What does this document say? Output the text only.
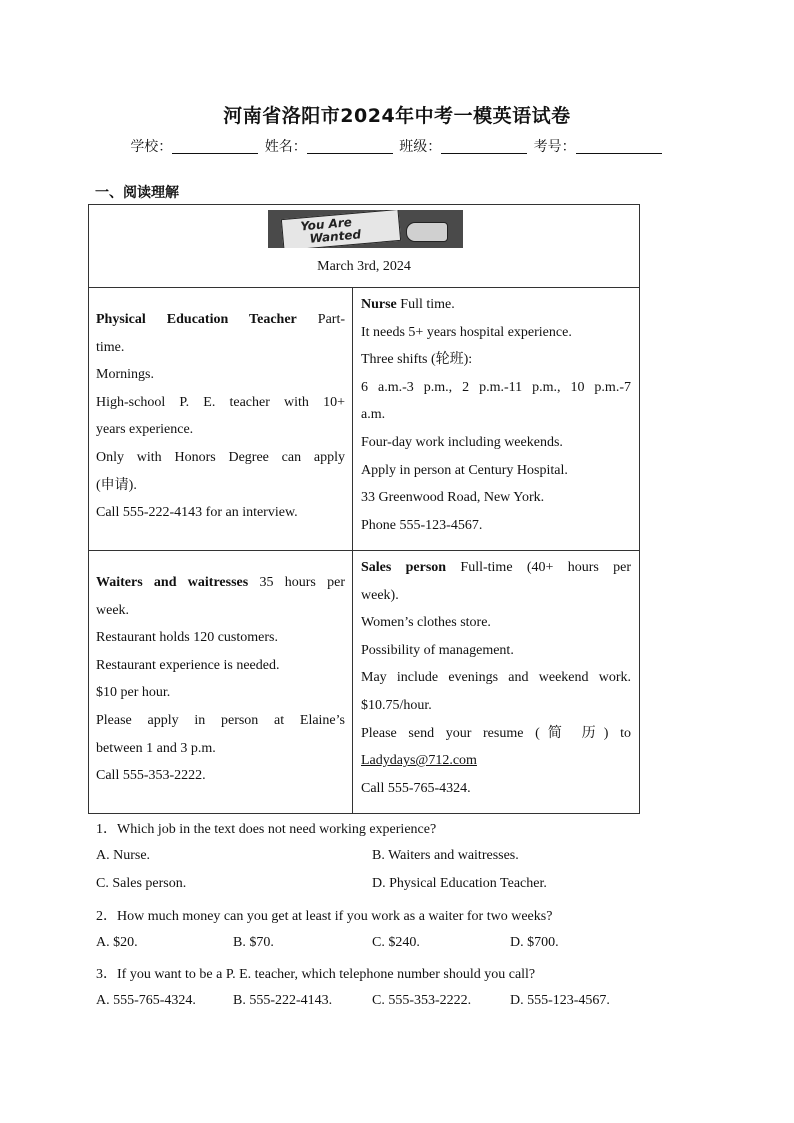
河南省洛阳市2024年中考一模英语试卷
学校：	姓名：	班级：	考号：
一、阅读理解
You Are
Wanted
March 3rd, 2024

Physical Education Teacher Part-

time.

Mornings.

High-school P. E. teacher with 10+

years experience.

Only with Honors Degree can apply

(申请).

Call 555-222-4143 for an interview.

Nurse Full time.

It needs 5+ years hospital experience.

Three shifts (轮班):

6 a.m.-3 p.m., 2 p.m.-11 p.m., 10 p.m.-7

a.m.

Four-day work including weekends.

Apply in person at Century Hospital.

33 Greenwood Road, New York.

Phone 555-123-4567.

Waiters and waitresses 35 hours per

week.

Restaurant holds 120 customers.

Restaurant experience is needed.

$10 per hour.

Please apply in person at Elaine’s

between 1 and 3 p.m.

Call 555-353-2222.

Sales person Full-time (40+ hours per

week).

Women’s clothes store.

Possibility of management.

May include evenings and weekend work.

$10.75/hour.

Please send your resume (简 历) to

Ladydays@712.com

Call 555-765-4324.

1．Which job in the text does not need working experience?
A. Nurse.	B. Waiters and waitresses.
C. Sales person.	D. Physical Education Teacher.
2．How much money can you get at least if you work as a waiter for two weeks?
A. $20.	B. $70.	C. $240.	D. $700.
3．If you want to be a P. E. teacher, which telephone number should you call?
A. 555-765-4324.	B. 555-222-4143.	C. 555-353-2222.	D. 555-123-4567.
